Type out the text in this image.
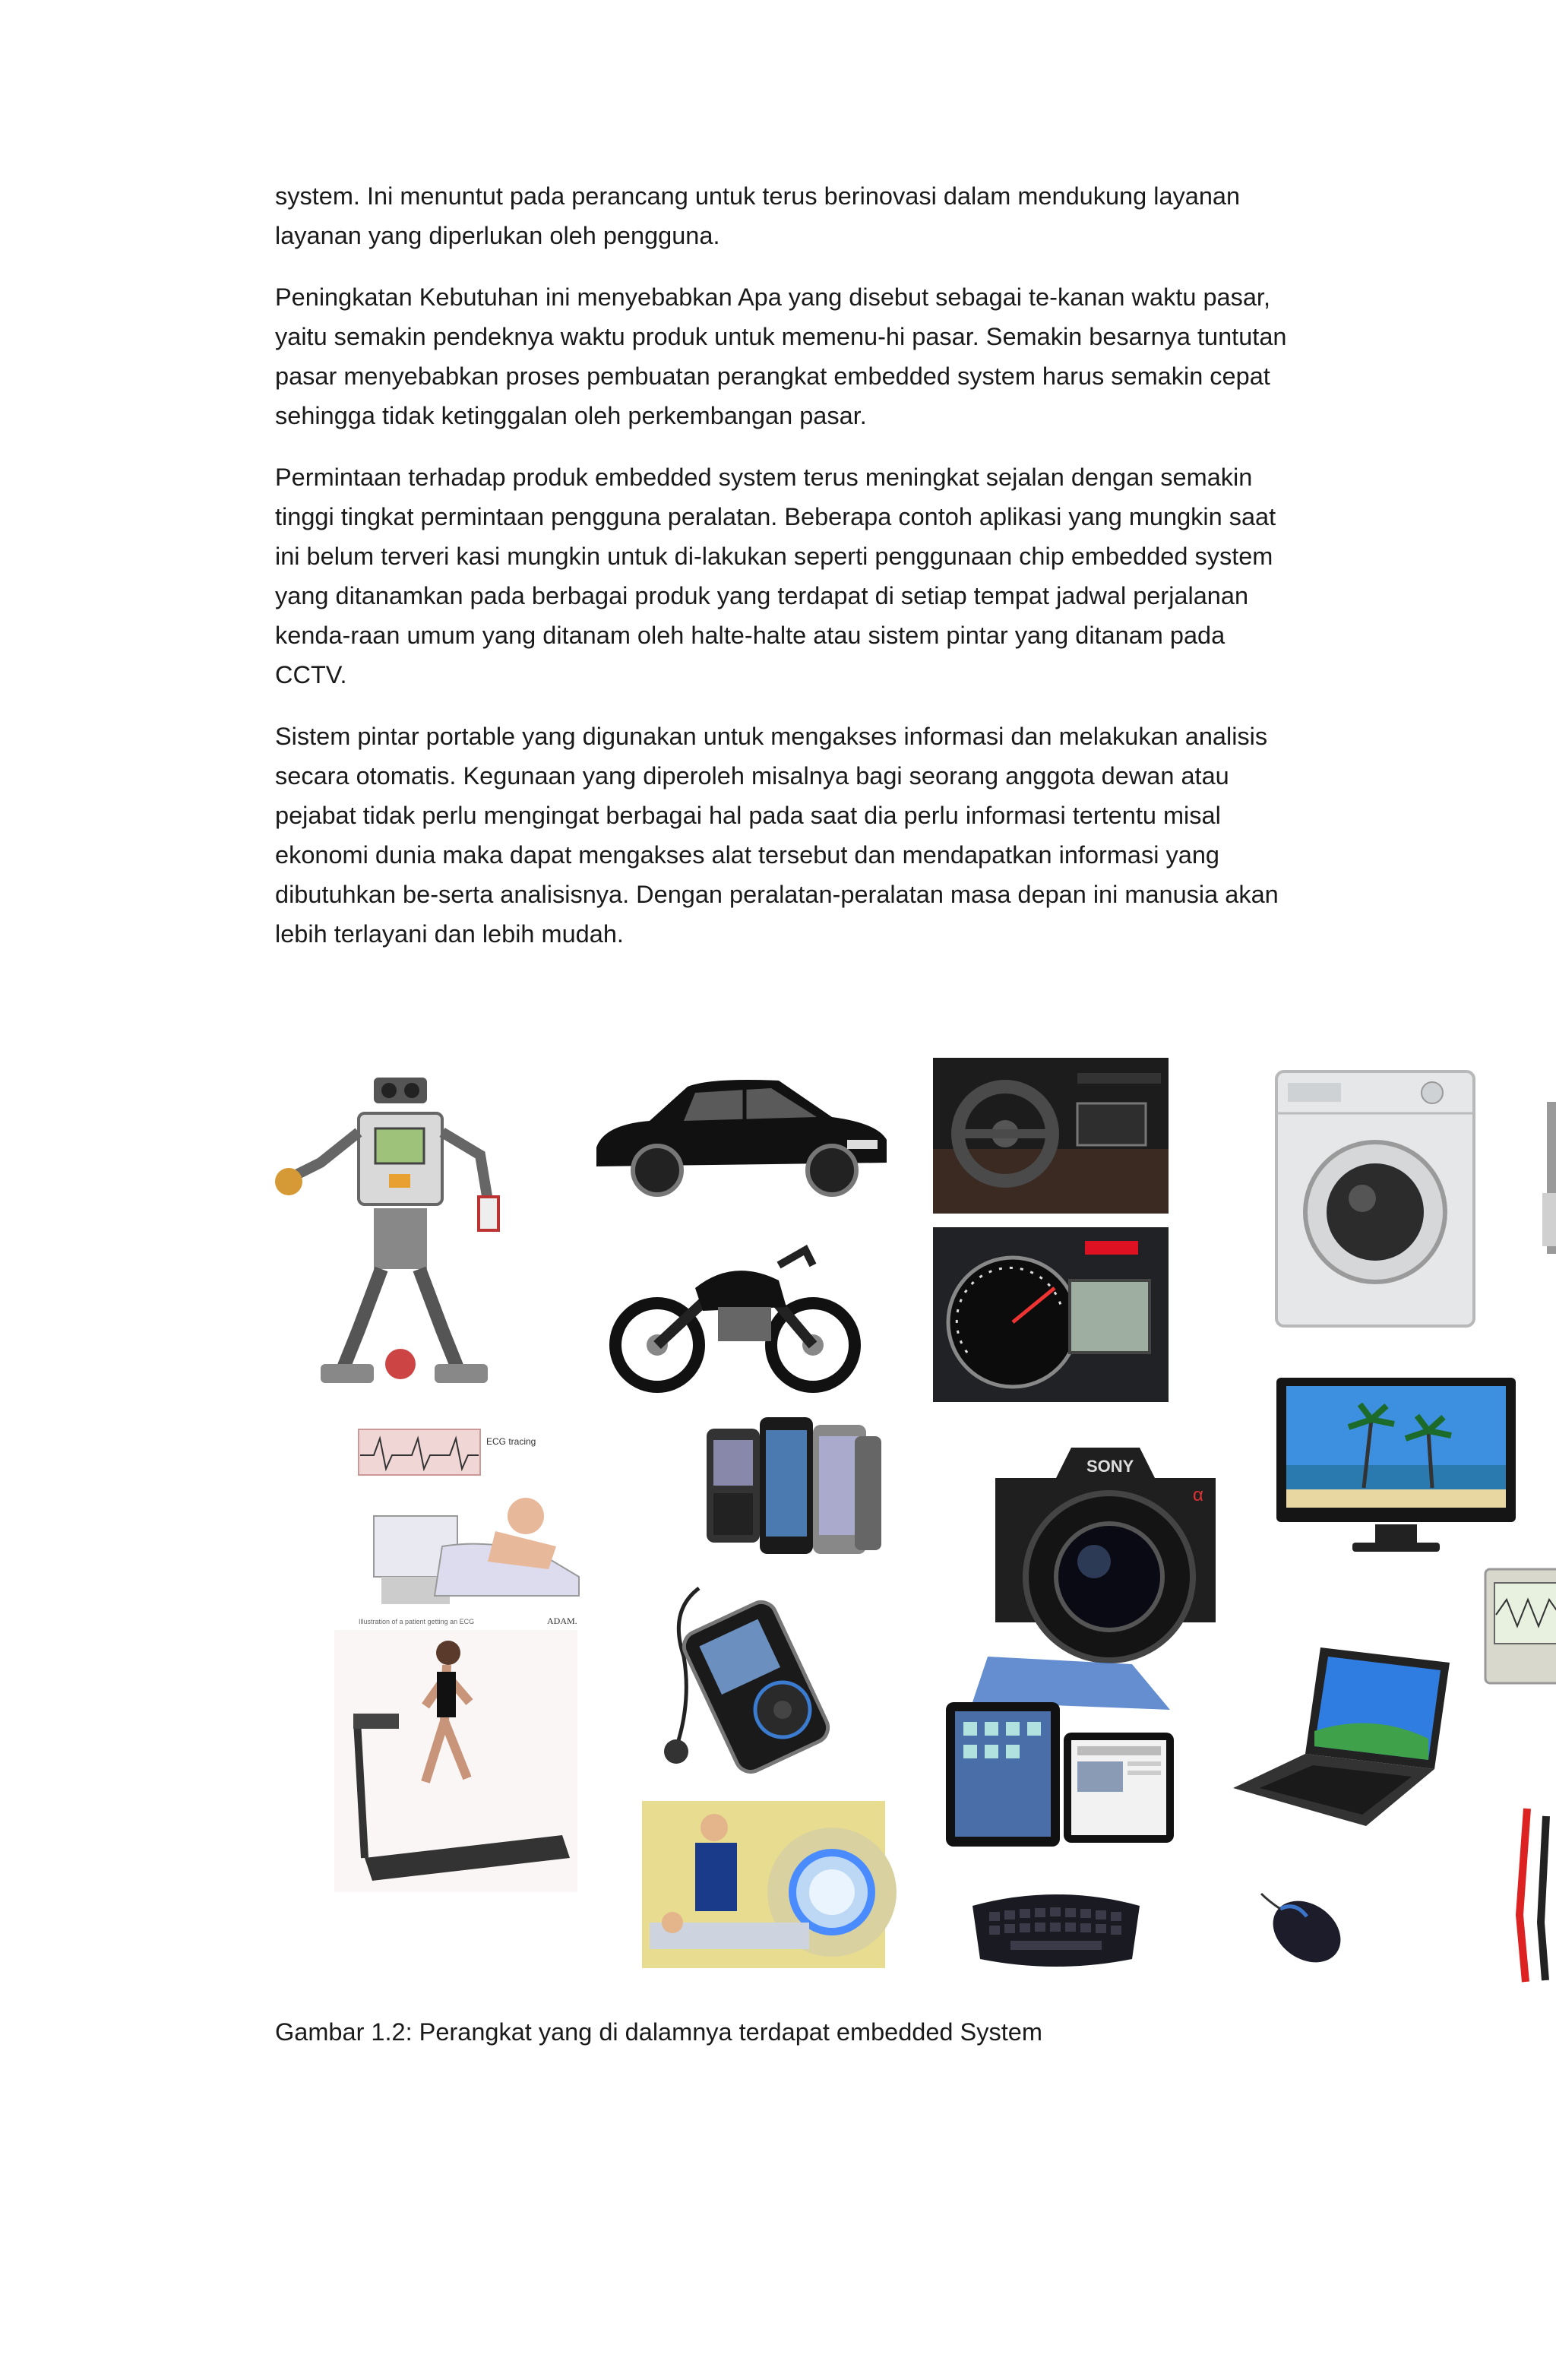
system. Ini menuntut pada perancang untuk terus berinovasi dalam mendukung layanan layanan yang diperlukan oleh pengguna.

Peningkatan Kebutuhan ini menyebabkan Apa yang disebut sebagai te-kanan waktu pasar, yaitu semakin pendeknya waktu produk untuk memenu-hi pasar. Semakin besarnya tuntutan pasar menyebabkan proses pembuatan perangkat embedded system harus semakin cepat sehingga tidak ketinggalan oleh perkembangan pasar.

Permintaan terhadap produk embedded system terus meningkat sejalan dengan semakin tinggi tingkat permintaan pengguna peralatan. Beberapa contoh aplikasi yang mungkin saat ini belum terveri kasi mungkin untuk di-lakukan seperti penggunaan chip embedded system yang ditanamkan pada berbagai produk yang terdapat di setiap tempat jadwal perjalanan kenda-raan umum yang ditanam oleh halte-halte atau sistem pintar yang ditanam pada CCTV.

Sistem pintar portable yang digunakan untuk mengakses informasi dan melakukan analisis secara otomatis. Kegunaan yang diperoleh misalnya bagi seorang anggota dewan atau pejabat tidak perlu mengingat berbagai hal pada saat dia perlu informasi tertentu misal ekonomi dunia maka dapat mengakses alat tersebut dan mendapatkan informasi yang dibutuhkan be-serta analisisnya. Dengan peralatan-peralatan masa depan ini manusia akan lebih terlayani dan lebih mudah.

ECG tracing
Illustration of a patient getting an ECG	ADAM.
SONY
α

Gambar 1.2: Perangkat yang di dalamnya terdapat embedded System
